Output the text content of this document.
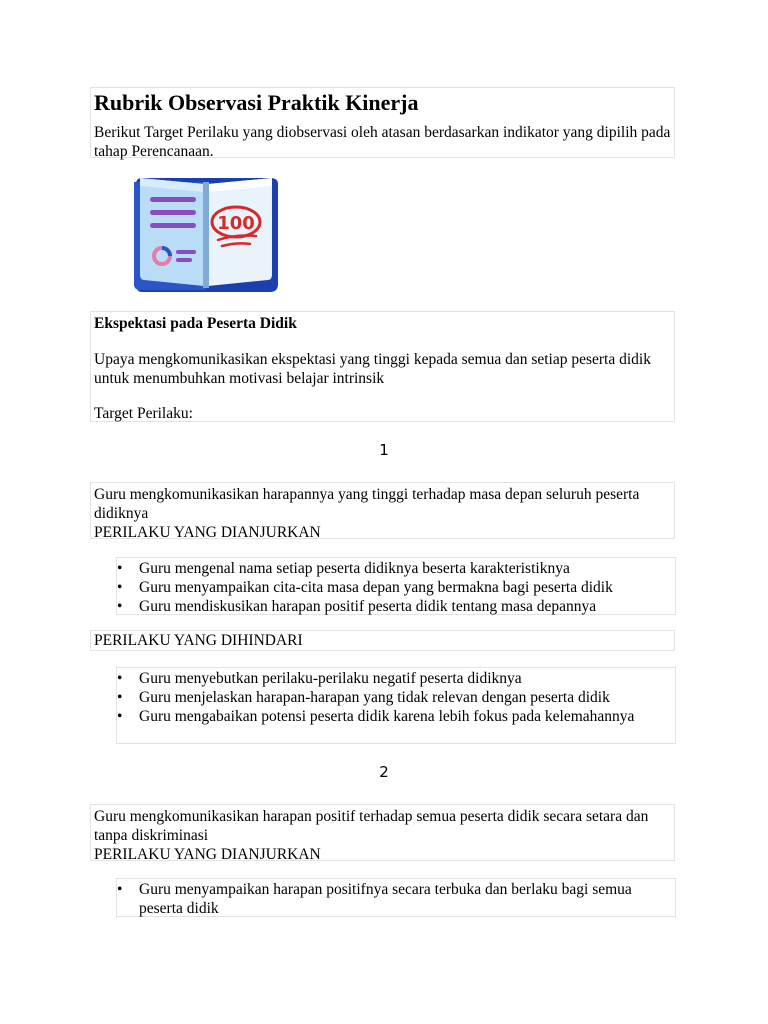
Rubrik Observasi Praktik Kinerja

Berikut Target Perilaku yang diobservasi oleh atasan berdasarkan indikator yang dipilih pada tahap Perencanaan.

100

Ekspektasi pada Peserta Didik

Upaya mengkomunikasikan ekspektasi yang tinggi kepada semua dan setiap peserta didik untuk menumbuhkan motivasi belajar intrinsik

Target Perilaku:

1

Guru mengkomunikasikan harapannya yang tinggi terhadap masa depan seluruh peserta didiknya

PERILAKU YANG DIANJURKAN

• Guru mengenal nama setiap peserta didiknya beserta karakteristiknya
• Guru menyampaikan cita-cita masa depan yang bermakna bagi peserta didik
• Guru mendiskusikan harapan positif peserta didik tentang masa depannya

PERILAKU YANG DIHINDARI

• Guru menyebutkan perilaku-perilaku negatif peserta didiknya
• Guru menjelaskan harapan-harapan yang tidak relevan dengan peserta didik
• Guru mengabaikan potensi peserta didik karena lebih fokus pada kelemahannya
2

Guru mengkomunikasikan harapan positif terhadap semua peserta didik secara setara dan tanpa diskriminasi

PERILAKU YANG DIANJURKAN

• Guru menyampaikan harapan positifnya secara terbuka dan berlaku bagi semua peserta didik
